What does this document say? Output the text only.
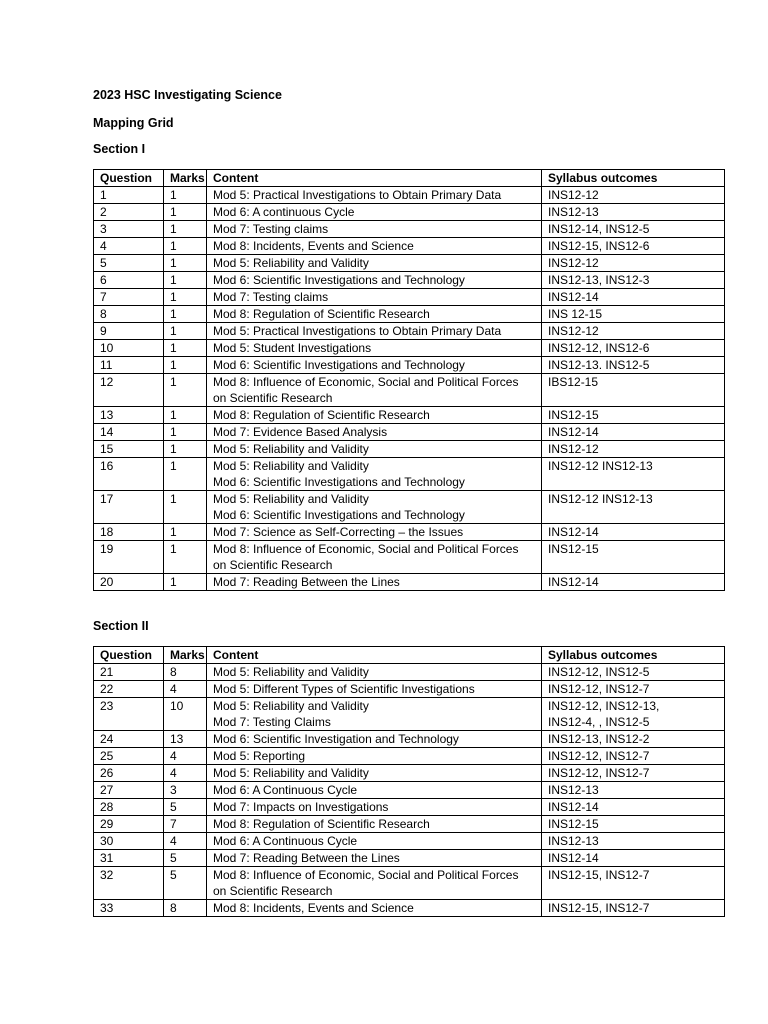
2023 HSC Investigating Science
Mapping Grid
Section I
Question	Marks	Content	Syllabus outcomes
1	1	Mod 5: Practical Investigations to Obtain Primary Data	INS12-12
2	1	Mod 6: A continuous Cycle	INS12-13
3	1	Mod 7: Testing claims	INS12-14, INS12-5
4	1	Mod 8: Incidents, Events and Science	INS12-15, INS12-6
5	1	Mod 5: Reliability and Validity	INS12-12
6	1	Mod 6: Scientific Investigations and Technology	INS12-13, INS12-3
7	1	Mod 7: Testing claims	INS12-14
8	1	Mod 8: Regulation of Scientific Research	INS 12-15
9	1	Mod 5: Practical Investigations to Obtain Primary Data	INS12-12
10	1	Mod 5: Student Investigations	INS12-12, INS12-6
11	1	Mod 6: Scientific Investigations and Technology	INS12-13. INS12-5
12	1	Mod 8: Influence of Economic, Social and Political Forces
on Scientific Research	IBS12-15
13	1	Mod 8: Regulation of Scientific Research	INS12-15
14	1	Mod 7: Evidence Based Analysis	INS12-14
15	1	Mod 5: Reliability and Validity	INS12-12
16	1	Mod 5: Reliability and Validity
Mod 6: Scientific Investigations and Technology	INS12-12 INS12-13
17	1	Mod 5: Reliability and Validity
Mod 6: Scientific Investigations and Technology	INS12-12 INS12-13
18	1	Mod 7: Science as Self-Correcting – the Issues	INS12-14
19	1	Mod 8: Influence of Economic, Social and Political Forces
on Scientific Research	INS12-15
20	1	Mod 7: Reading Between the Lines	INS12-14
Section II
Question	Marks	Content	Syllabus outcomes
21	8	Mod 5: Reliability and Validity	INS12-12, INS12-5
22	4	Mod 5: Different Types of Scientific Investigations	INS12-12, INS12-7
23	10	Mod 5: Reliability and Validity
Mod 7: Testing Claims	INS12-12, INS12-13,
INS12-4, , INS12-5
24	13	Mod 6: Scientific Investigation and Technology	INS12-13, INS12-2
25	4	Mod 5: Reporting	INS12-12, INS12-7
26	4	Mod 5: Reliability and Validity	INS12-12, INS12-7
27	3	Mod 6: A Continuous Cycle	INS12-13
28	5	Mod 7: Impacts on Investigations	INS12-14
29	7	Mod 8: Regulation of Scientific Research	INS12-15
30	4	Mod 6: A Continuous Cycle	INS12-13
31	5	Mod 7: Reading Between the Lines	INS12-14
32	5	Mod 8: Influence of Economic, Social and Political Forces
on Scientific Research	INS12-15, INS12-7
33	8	Mod 8: Incidents, Events and Science	INS12-15, INS12-7
